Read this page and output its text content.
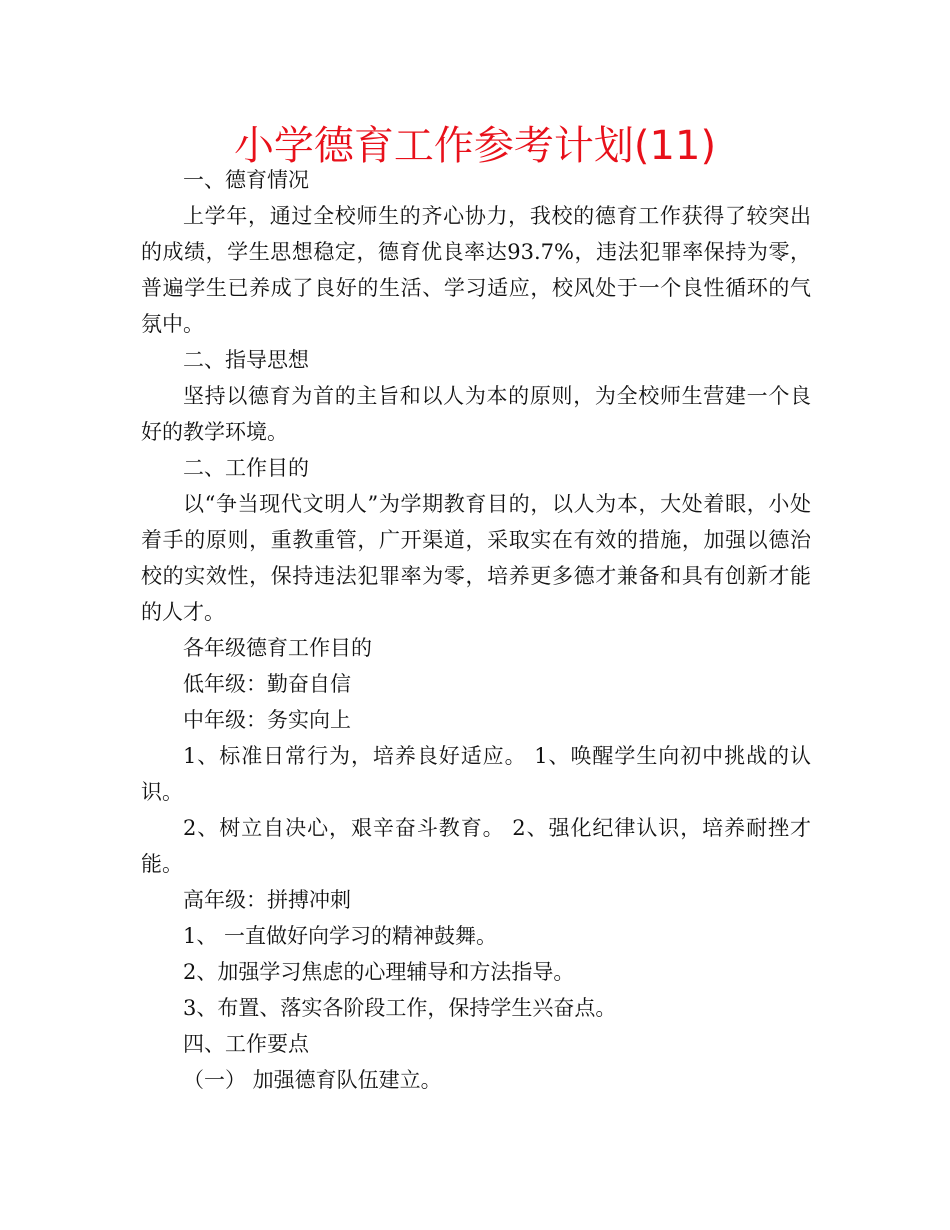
小学德育工作参考计划(11)

一、德育情况

上学年，通过全校师生的齐心协力，我校的德育工作获得了较突出的成绩，学生思想稳定，德育优良率达93.7%，违法犯罪率保持为零，普遍学生已养成了良好的生活、学习适应，校风处于一个良性循环的气氛中。

二、指导思想

坚持以德育为首的主旨和以人为本的原则，为全校师生营建一个良好的教学环境。

二、工作目的

以“争当现代文明人”为学期教育目的，以人为本，大处着眼，小处着手的原则，重教重管，广开渠道，采取实在有效的措施，加强以德治校的实效性，保持违法犯罪率为零，培养更多德才兼备和具有创新才能的人才。

各年级德育工作目的

低年级：勤奋自信

中年级：务实向上

1、标准日常行为，培养良好适应。 1、唤醒学生向初中挑战的认识。

2、树立自决心，艰辛奋斗教育。 2、强化纪律认识，培养耐挫才能。

高年级：拼搏冲刺

1、 一直做好向学习的精神鼓舞。

2、加强学习焦虑的心理辅导和方法指导。

3、布置、落实各阶段工作，保持学生兴奋点。

四、工作要点

（一） 加强德育队伍建立。
